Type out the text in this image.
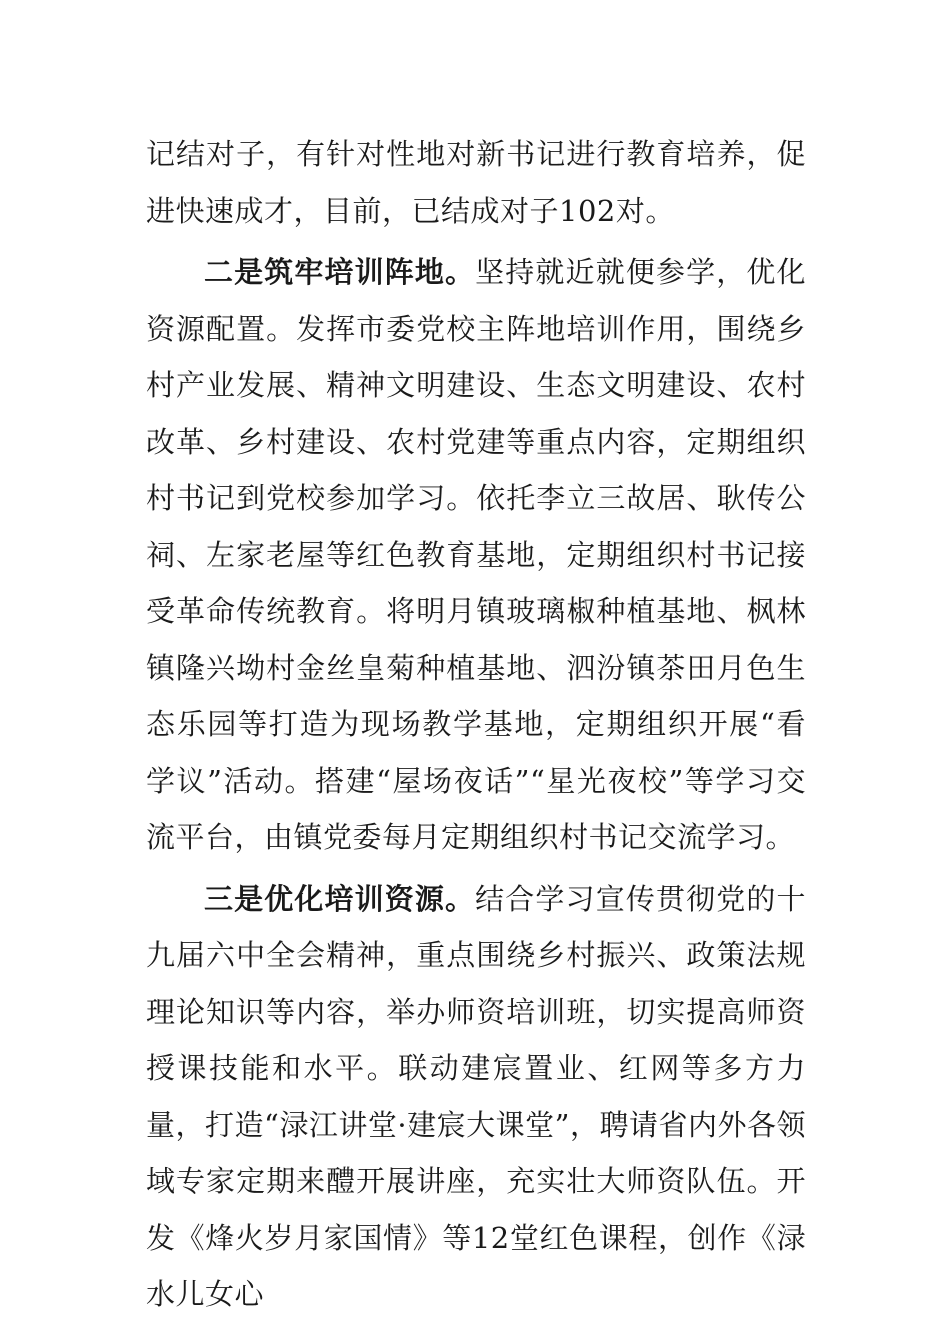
记结对子，有针对性地对新书记进行教育培养，促进快速成才，目前，已结成对子102对。

二是筑牢培训阵地。坚持就近就便参学，优化资源配置。发挥市委党校主阵地培训作用，围绕乡村产业发展、精神文明建设、生态文明建设、农村改革、乡村建设、农村党建等重点内容，定期组织村书记到党校参加学习。依托李立三故居、耿传公祠、左家老屋等红色教育基地，定期组织村书记接受革命传统教育。将明月镇玻璃椒种植基地、枫林镇隆兴坳村金丝皇菊种植基地、泗汾镇茶田月色生态乐园等打造为现场教学基地，定期组织开展“看学议”活动。搭建“屋场夜话”“星光夜校”等学习交流平台，由镇党委每月定期组织村书记交流学习。

三是优化培训资源。结合学习宣传贯彻党的十九届六中全会精神，重点围绕乡村振兴、政策法规理论知识等内容，举办师资培训班，切实提高师资授课技能和水平。联动建宸置业、红网等多方力量，打造“渌江讲堂·建宸大课堂”，聘请省内外各领域专家定期来醴开展讲座，充实壮大师资队伍。开发《烽火岁月家国情》等12堂红色课程，创作《渌水儿女心
